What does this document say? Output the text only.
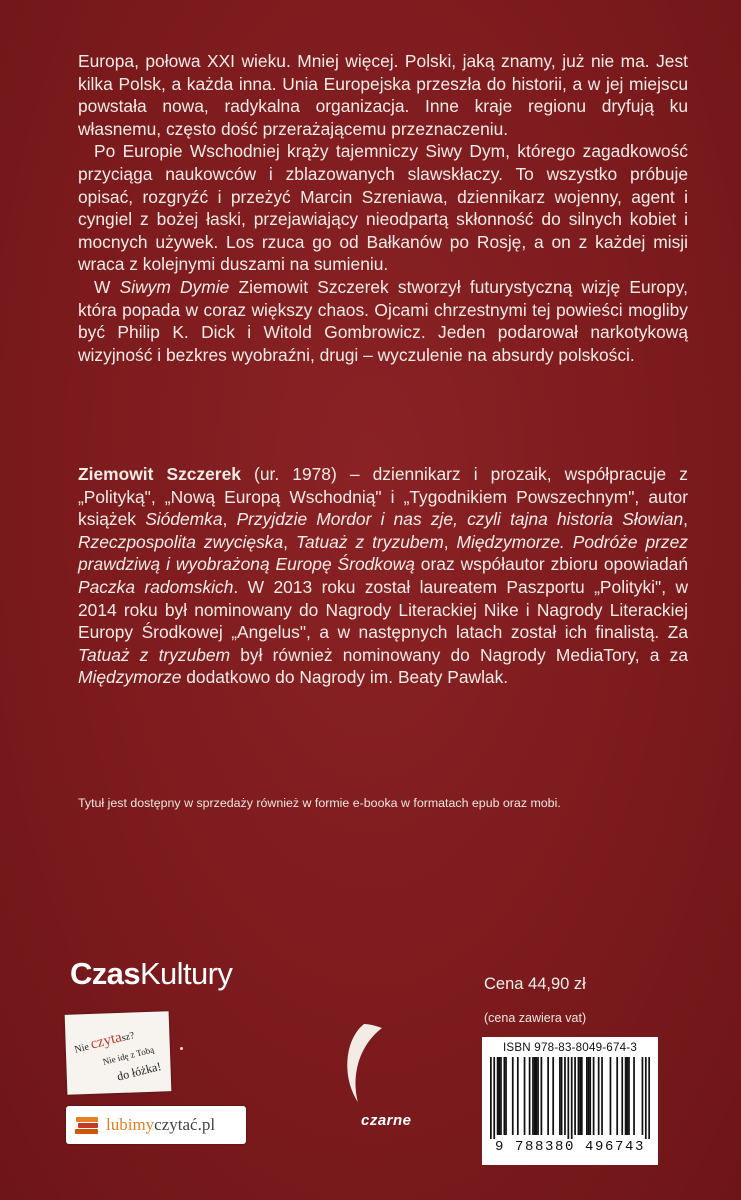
Europa, połowa XXI wieku. Mniej więcej. Polski, jaką znamy, już nie ma. Jest kilka Polsk, a każda inna. Unia Europejska przeszła do historii, a w jej miejscu powstała nowa, radykalna organizacja. Inne kraje regionu dryfują ku własnemu, często dość przerażającemu przeznaczeniu.

Po Europie Wschodniej krąży tajemniczy Siwy Dym, którego zagadkowość przyciąga naukowców i zblazowanych slawskłaczy. To wszystko próbuje opisać, rozgryźć i przeżyć Marcin Szreniawa, dziennikarz wojenny, agent i cyngiel z bożej łaski, przejawiający nieodpartą skłonność do silnych kobiet i mocnych używek. Los rzuca go od Bałkanów po Rosję, a on z każdej misji wraca z kolejnymi duszami na sumieniu.

W Siwym Dymie Ziemowit Szczerek stworzył futurystyczną wizję Europy, która popada w coraz większy chaos. Ojcami chrzestnymi tej powieści mogliby być Philip K. Dick i Witold Gombrowicz. Jeden podarował narkotykową wizyjność i bezkres wyobraźni, drugi – wyczulenie na absurdy polskości.

Ziemowit Szczerek (ur. 1978) – dziennikarz i prozaik, współpracuje z „Polityką", „Nową Europą Wschodnią" i „Tygodnikiem Powszechnym", autor książek Siódemka, Przyjdzie Mordor i nas zje, czyli tajna historia Słowian, Rzeczpospolita zwycięska, Tatuaż z tryzubem, Międzymorze. Podróże przez prawdziwą i wyobrażoną Europę Środkową oraz współautor zbioru opowiadań Paczka radomskich. W 2013 roku został laureatem Paszportu „Polityki", w 2014 roku był nominowany do Nagrody Literackiej Nike i Nagrody Literackiej Europy Środkowej „Angelus", a w następnych latach został ich finalistą. Za Tatuaż z tryzubem był również nominowany do Nagrody MediaTory, a za Międzymorze dodatkowo do Nagrody im. Beaty Pawlak.

Tytuł jest dostępny w sprzedaży również w formie e-booka w formatach epub oraz mobi.
CzasKultury
Nie czytasz?
Nie idę z Tobą
do łóżka!
lubimyczytać.pl	czarne
Cena 44,90 zł
(cena zawiera vat)
ISBN 978-83-8049-674-3
9 788380 496743
